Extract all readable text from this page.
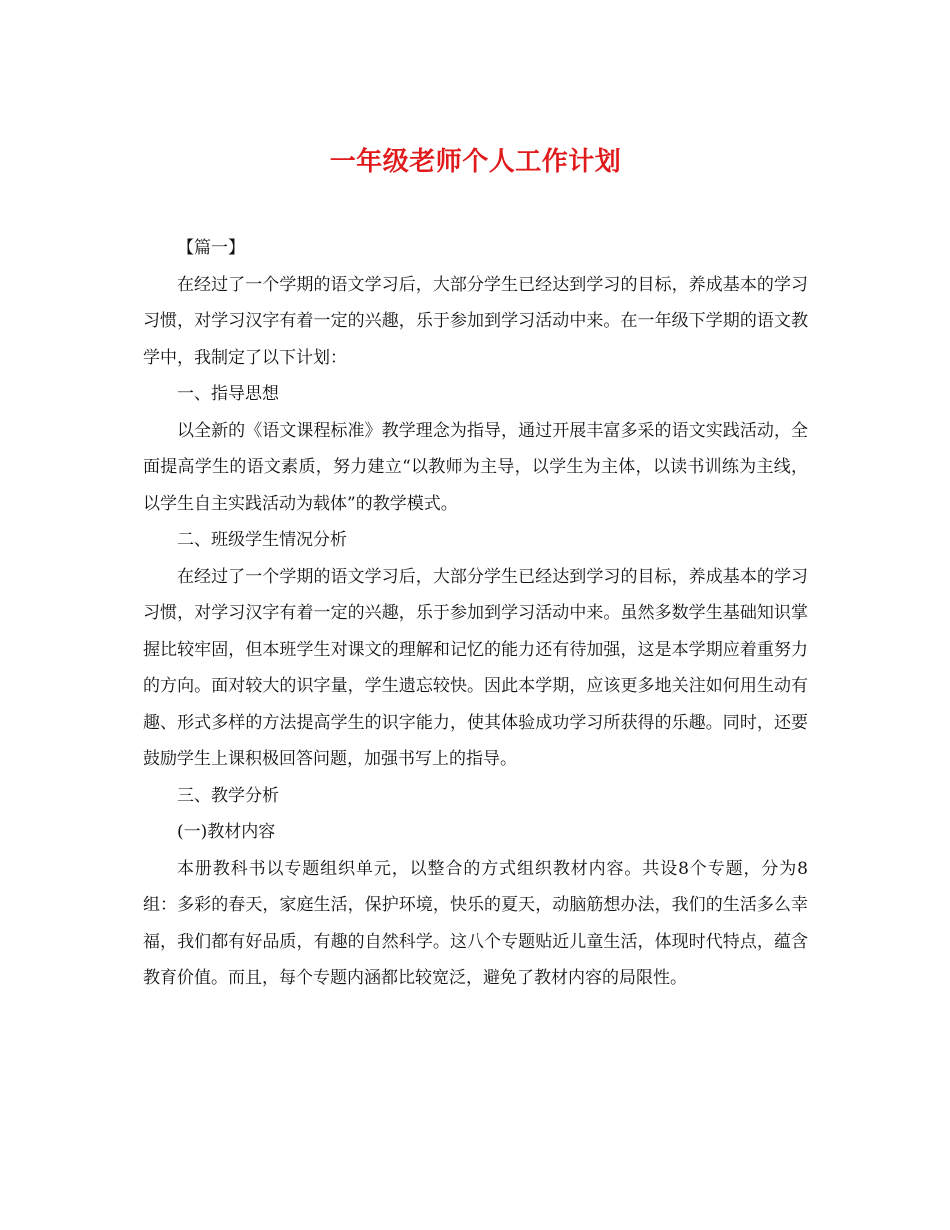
一年级老师个人工作计划

【篇一】

在经过了一个学期的语文学习后，大部分学生已经达到学习的目标，养成基本的学习习惯，对学习汉字有着一定的兴趣，乐于参加到学习活动中来。在一年级下学期的语文教学中，我制定了以下计划：

一、指导思想

以全新的《语文课程标准》教学理念为指导，通过开展丰富多采的语文实践活动，全面提高学生的语文素质，努力建立“以教师为主导，以学生为主体，以读书训练为主线，以学生自主实践活动为载体”的教学模式。

二、班级学生情况分析

在经过了一个学期的语文学习后，大部分学生已经达到学习的目标，养成基本的学习习惯，对学习汉字有着一定的兴趣，乐于参加到学习活动中来。虽然多数学生基础知识掌握比较牢固，但本班学生对课文的理解和记忆的能力还有待加强，这是本学期应着重努力的方向。面对较大的识字量，学生遗忘较快。因此本学期，应该更多地关注如何用生动有趣、形式多样的方法提高学生的识字能力，使其体验成功学习所获得的乐趣。同时，还要鼓励学生上课积极回答问题，加强书写上的指导。

三、教学分析

(一)教材内容

本册教科书以专题组织单元，以整合的方式组织教材内容。共设8个专题，分为8组：多彩的春天，家庭生活，保护环境，快乐的夏天，动脑筋想办法，我们的生活多么幸福，我们都有好品质，有趣的自然科学。这八个专题贴近儿童生活，体现时代特点，蕴含教育价值。而且，每个专题内涵都比较宽泛，避免了教材内容的局限性。
